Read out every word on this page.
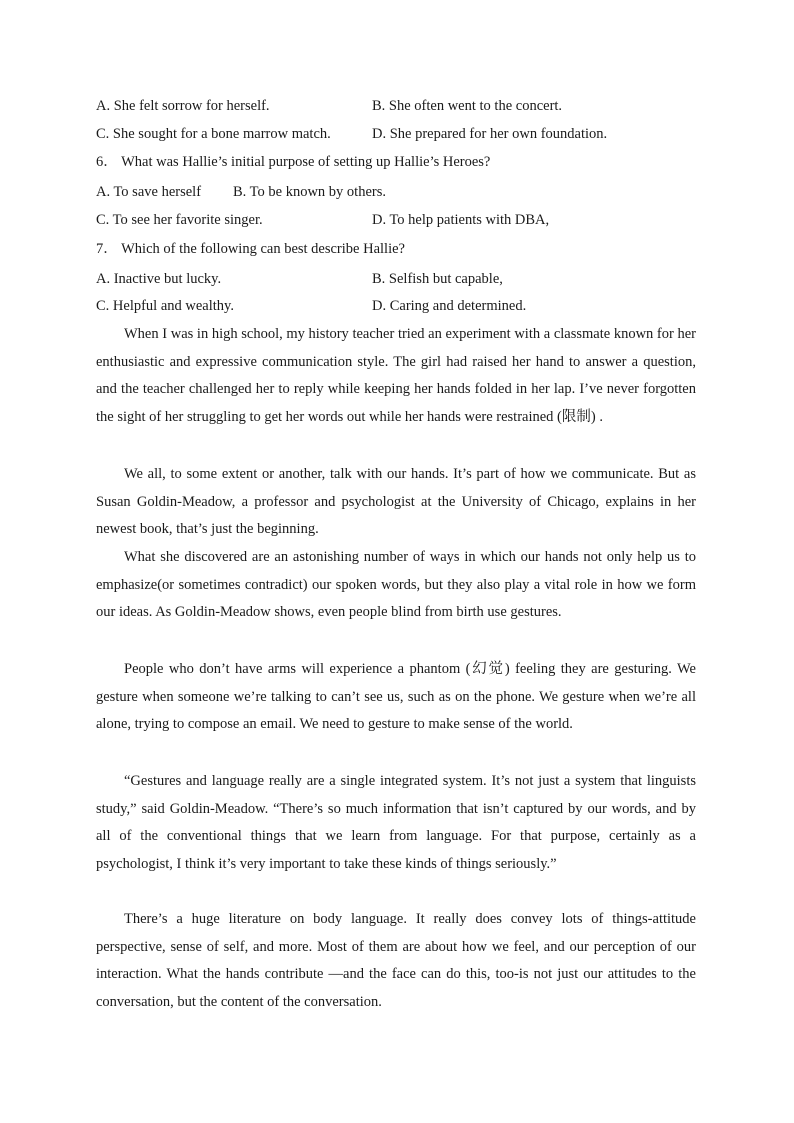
A. She felt sorrow for herself.	B. She often went to the concert.
C. She sought for a bone marrow match.	D. She prepared for her own foundation.
6． What was Hallie’s initial purpose of setting up Hallie’s Heroes?
A. To save herself B. To be known by others.
C. To see her favorite singer.	D. To help patients with DBA,
7． Which of the following can best describe Hallie?
A. Inactive but lucky.	B. Selfish but capable,
C. Helpful and wealthy.	D. Caring and determined.

When I was in high school, my history teacher tried an experiment with a classmate known for her enthusiastic and expressive communication style. The girl had raised her hand to answer a question, and the teacher challenged her to reply while keeping her hands folded in her lap. I’ve never forgotten the sight of her struggling to get her words out while her hands were restrained (限制) .

We all, to some extent or another, talk with our hands. It’s part of how we communicate. But as Susan Goldin-Meadow, a professor and psychologist at the University of Chicago, explains in her newest book, that’s just the beginning.

What she discovered are an astonishing number of ways in which our hands not only help us to emphasize(or sometimes contradict) our spoken words, but they also play a vital role in how we form our ideas. As Goldin-Meadow shows, even people blind from birth use gestures.

People who don’t have arms will experience a phantom (幻觉) feeling they are gesturing. We gesture when someone we’re talking to can’t see us, such as on the phone. We gesture when we’re all alone, trying to compose an email. We need to gesture to make sense of the world.

“Gestures and language really are a single integrated system. It’s not just a system that linguists study,” said Goldin-Meadow. “There’s so much information that isn’t captured by our words, and by all of the conventional things that we learn from language. For that purpose, certainly as a psychologist, I think it’s very important to take these kinds of things seriously.”

There’s a huge literature on body language. It really does convey lots of things-attitude perspective, sense of self, and more. Most of them are about how we feel, and our perception of our interaction. What the hands contribute —and the face can do this, too-is not just our attitudes to the conversation, but the content of the conversation.
